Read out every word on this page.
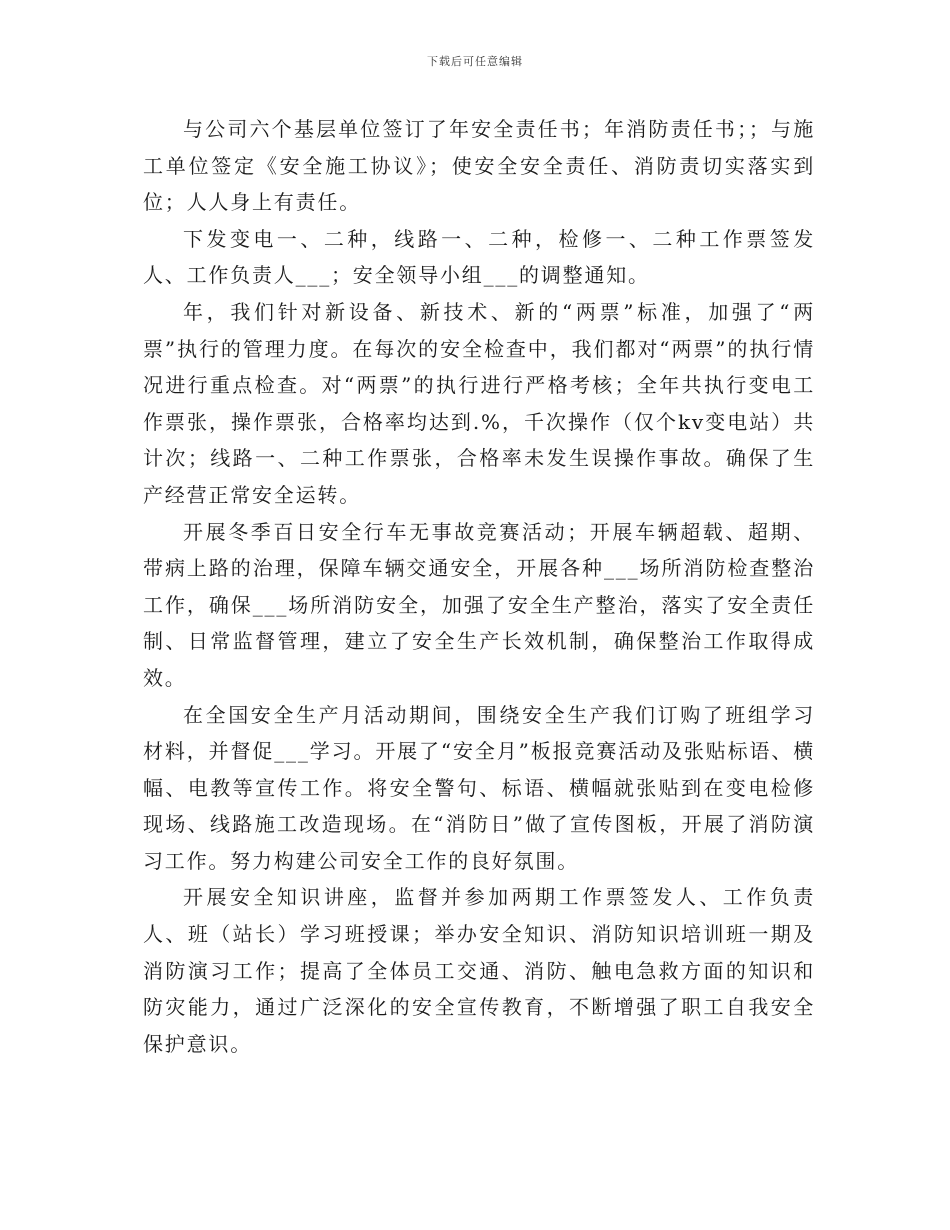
下载后可任意编辑

与公司六个基层单位签订了年安全责任书；年消防责任书；；与施工单位签定《安全施工协议》；使安全安全责任、消防责切实落实到位；人人身上有责任。

下发变电一、二种，线路一、二种，检修一、二种工作票签发人、工作负责人___；安全领导小组___的调整通知。

年，我们针对新设备、新技术、新的“两票”标准，加强了“两票”执行的管理力度。在每次的安全检查中，我们都对“两票”的执行情况进行重点检查。对“两票”的执行进行严格考核；全年共执行变电工作票张，操作票张，合格率均达到.%，千次操作（仅个kv变电站）共计次；线路一、二种工作票张，合格率未发生误操作事故。确保了生产经营正常安全运转。

开展冬季百日安全行车无事故竞赛活动；开展车辆超载、超期、带病上路的治理，保障车辆交通安全，开展各种___场所消防检查整治工作，确保___场所消防安全，加强了安全生产整治，落实了安全责任制、日常监督管理，建立了安全生产长效机制，确保整治工作取得成效。

在全国安全生产月活动期间，围绕安全生产我们订购了班组学习材料，并督促___学习。开展了“安全月”板报竞赛活动及张贴标语、横幅、电教等宣传工作。将安全警句、标语、横幅就张贴到在变电检修现场、线路施工改造现场。在“消防日”做了宣传图板，开展了消防演习工作。努力构建公司安全工作的良好氛围。

开展安全知识讲座，监督并参加两期工作票签发人、工作负责人、班（站长）学习班授课；举办安全知识、消防知识培训班一期及消防演习工作；提高了全体员工交通、消防、触电急救方面的知识和防灾能力，通过广泛深化的安全宣传教育，不断增强了职工自我安全保护意识。
